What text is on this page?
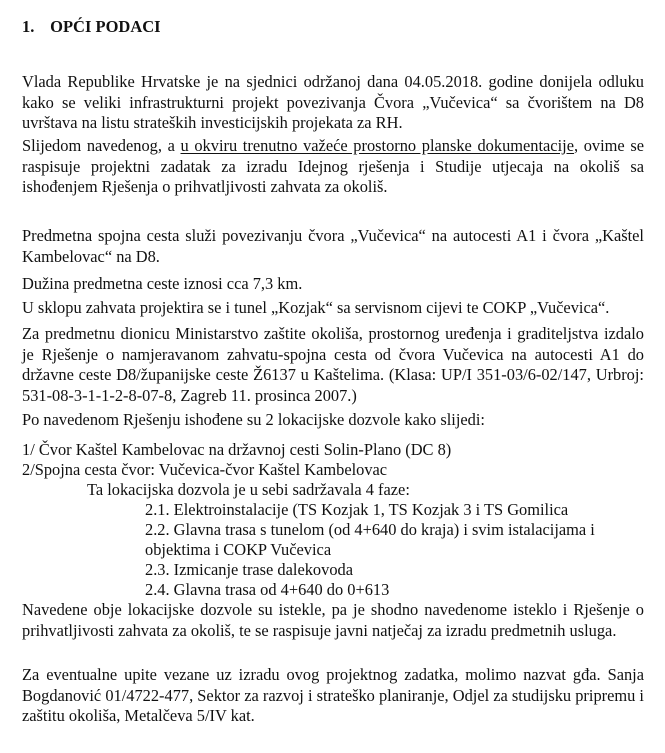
1. OPĆI PODACI

Vlada Republike Hrvatske je na sjednici održanoj dana 04.05.2018. godine donijela odluku kako se veliki infrastrukturni projekt povezivanja Čvora „Vučevica“ sa čvorištem na D8 uvrštava na listu strateških investicijskih projekata za RH.

Slijedom navedenog, a u okviru trenutno važeće prostorno planske dokumentacije, ovime se raspisuje projektni zadatak za izradu Idejnog rješenja i Studije utjecaja na okoliš sa ishođenjem Rješenja o prihvatljivosti zahvata za okoliš.

Predmetna spojna cesta služi povezivanju čvora „Vučevica“ na autocesti A1 i čvora „Kaštel Kambelovac“ na D8.

Dužina predmetna ceste iznosi cca 7,3 km.

U sklopu zahvata projektira se i tunel „Kozjak“ sa servisnom cijevi te COKP „Vučevica“.

Za predmetnu dionicu Ministarstvo zaštite okoliša, prostornog uređenja i graditeljstva izdalo je Rješenje o namjeravanom zahvatu-spojna cesta od čvora Vučevica na autocesti A1 do državne ceste D8/županijske ceste Ž6137 u Kaštelima. (Klasa: UP/I 351-03/6-02/147, Urbroj: 531-08-3-1-1-2-8-07-8, Zagreb 11. prosinca 2007.)

Po navedenom Rješenju ishođene su 2 lokacijske dozvole kako slijedi:

1/ Čvor Kaštel Kambelovac na državnoj cesti Solin-Plano (DC 8)
2/Spojna cesta čvor: Vučevica-čvor Kaštel Kambelovac
Ta lokacijska dozvola je u sebi sadržavala 4 faze:
2.1. Elektroinstalacije (TS Kozjak 1, TS Kozjak 3 i TS Gomilica
2.2. Glavna trasa s tunelom (od 4+640 do kraja) i svim istalacijama i
objektima i COKP Vučevica
2.3. Izmicanje trase dalekovoda
2.4. Glavna trasa od 4+640 do 0+613

Navedene obje lokacijske dozvole su istekle, pa je shodno navedenome isteklo i Rješenje o prihvatljivosti zahvata za okoliš, te se raspisuje javni natječaj za izradu predmetnih usluga.

Za eventualne upite vezane uz izradu ovog projektnog zadatka, molimo nazvat gđa. Sanja Bogdanović 01/4722-477, Sektor za razvoj i strateško planiranje, Odjel za studijsku pripremu i zaštitu okoliša, Metalčeva 5/IV kat.
